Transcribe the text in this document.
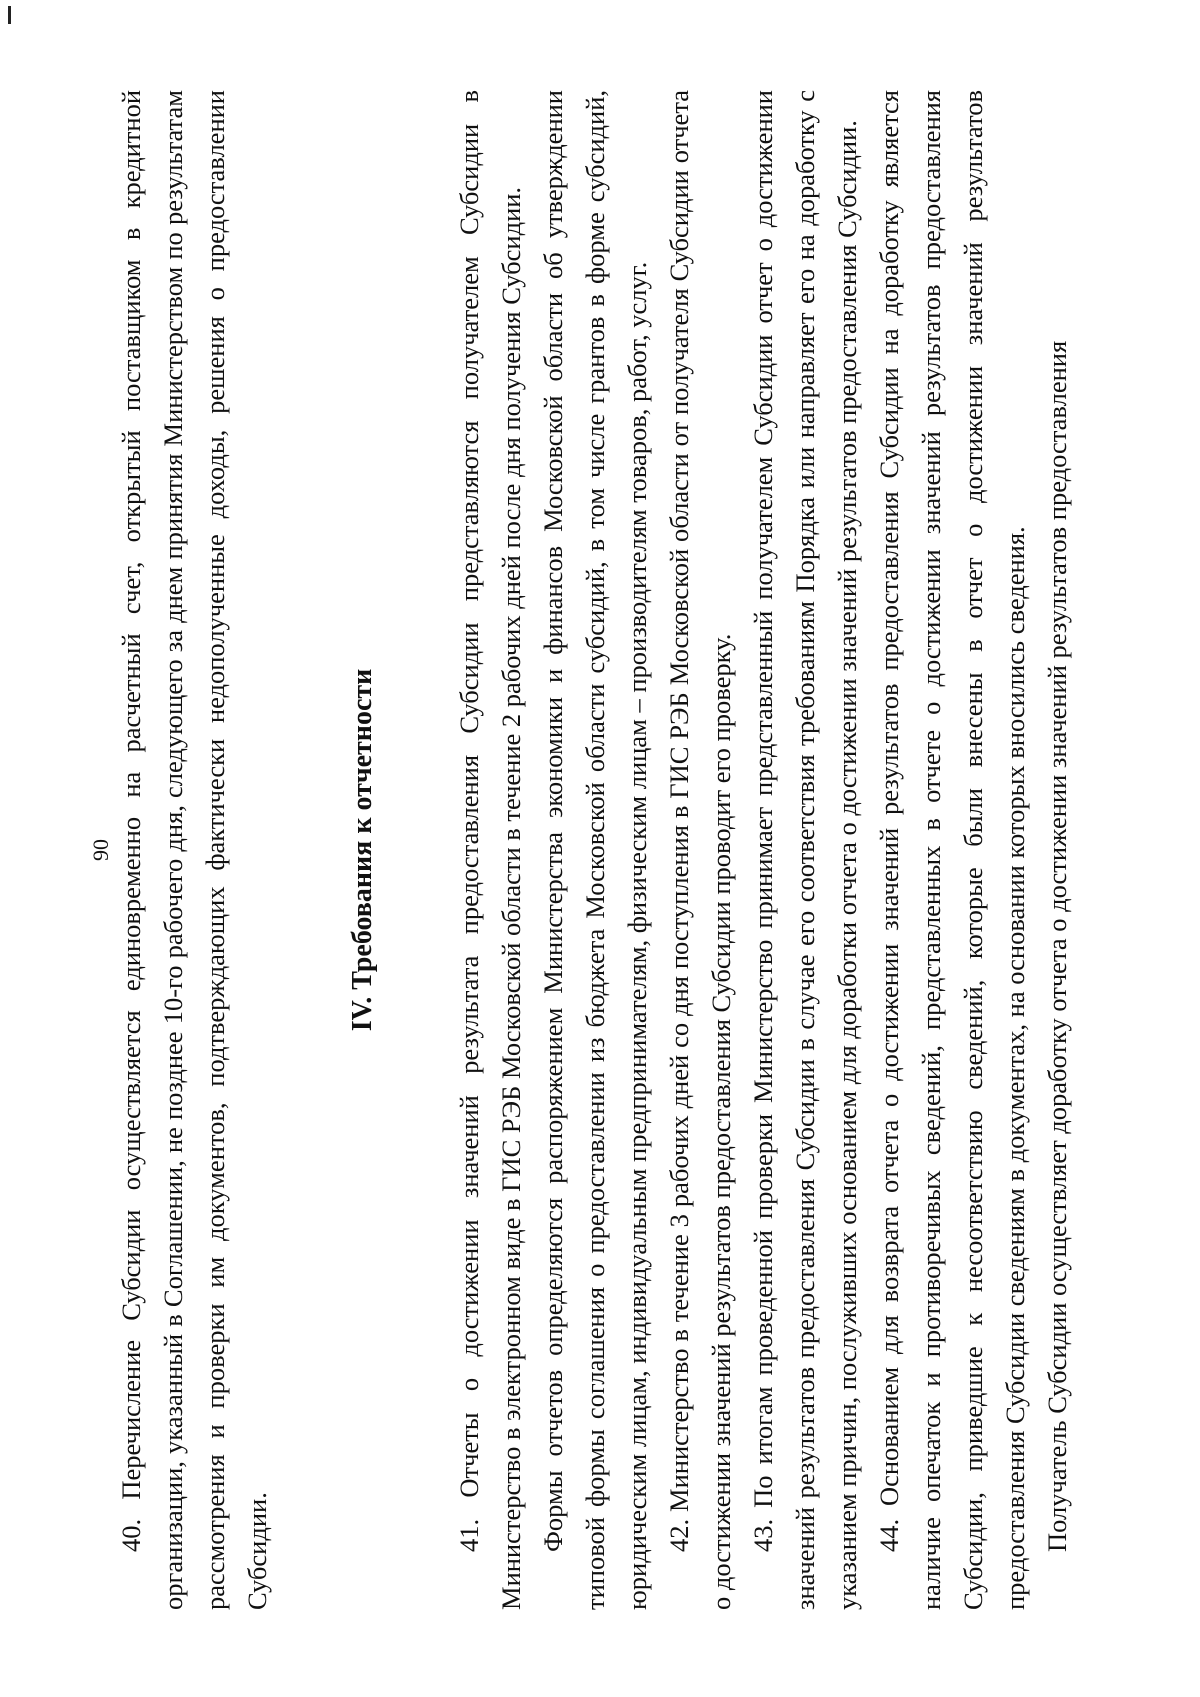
90 40. Перечисление Субсидии осуществляется единовременно на расчетный счет, открытый поставщиком в кредитной организации, указанный в Соглашении, не позднее 10-го рабочего дня, следующего за днем принятия Министерством по результатам рассмотрения и проверки им документов, подтверждающих фактически недополученные доходы, решения о предоставлении Субсидии.

IV. Требования к отчетности	41. Отчеты о достижении значений результата предоставления Субсидии представляются получателем Субсидии в Министерство в электронном виде в ГИС РЭБ Московской области в течение 2 рабочих дней после дня получения Субсидии. Формы отчетов определяются распоряжением Министерства экономики и финансов Московской области об утверждении типовой формы соглашения о предоставлении из бюджета Московской области субсидий, в том числе грантов в форме субсидий, юридическим лицам, индивидуальным предпринимателям, физическим лицам – производителям товаров, работ, услуг. 42. Министерство в течение 3 рабочих дней со дня поступления в ГИС РЭБ Московской области от получателя Субсидии отчета о достижении значений результатов предоставления Субсидии проводит его проверку. 43. По итогам проведенной проверки Министерство принимает представленный получателем Субсидии отчет о достижении значений результатов предоставления Субсидии в случае его соответствия требованиям Порядка или направляет его на доработку с указанием причин, послуживших основанием для доработки отчета о достижении значений результатов предоставления Субсидии. 44. Основанием для возврата отчета о достижении значений результатов предоставления Субсидии на доработку является наличие опечаток и противоречивых сведений, представленных в отчете о достижении значений результатов предоставления Субсидии, приведшие к несоответствию сведений, которые были внесены в отчет о достижении значений результатов предоставления Субсидии сведениям в документах, на основании которых вносились сведения. Получатель Субсидии осуществляет доработку отчета о достижении значений результатов предоставления
